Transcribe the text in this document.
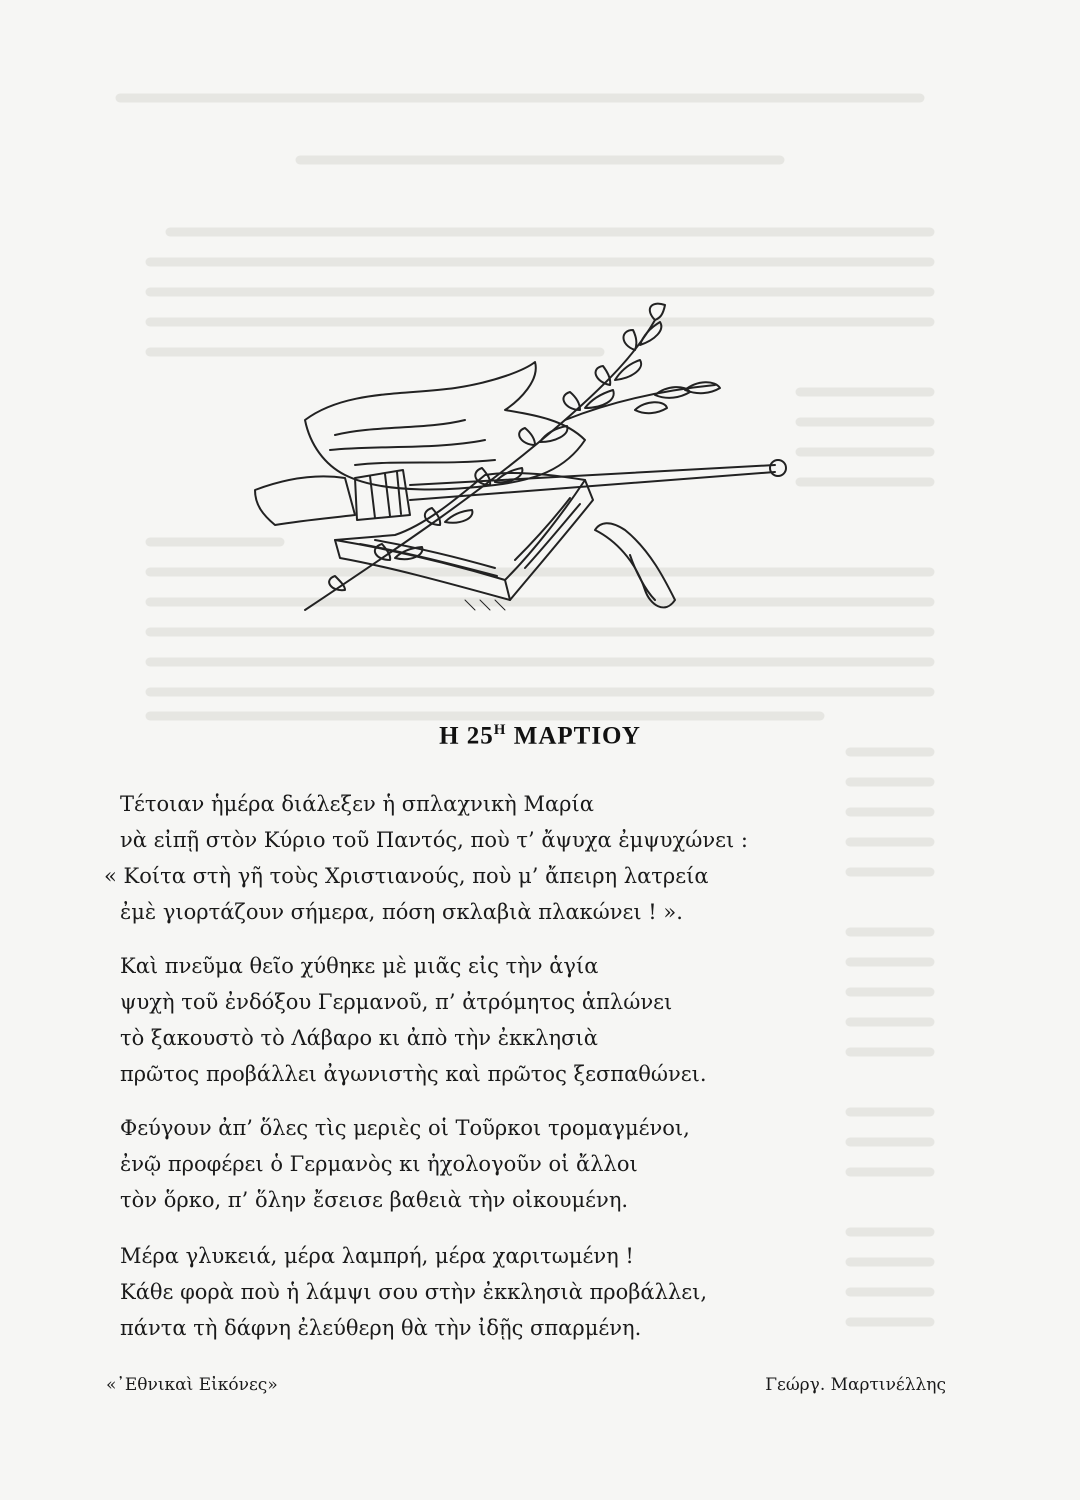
Η $25^H$ ΜΑΡΤΙΟΥ
Τέτοιαν ἡμέρα διάλεξεν ἡ σπλαχνικὴ Μαρία
νὰ εἰπῇ στὸν Κύριο τοῦ Παντός, ποὺ τ’ ἄψυχα ἐμψυχώνει :
« Κοίτα στὴ γῆ τοὺς Χριστιανούς, ποὺ μ’ ἄπειρη λατρεία
ἐμὲ γιορτάζουν σήμερα, πόση σκλαβιὰ πλακώνει ! ».
Καὶ πνεῦμα θεῖο χύθηκε μὲ μιᾶς εἰς τὴν ἁγία
ψυχὴ τοῦ ἐνδόξου Γερμανοῦ, π’ ἀτρόμητος ἁπλώνει
τὸ ξακουστὸ τὸ Λάβαρο κι ἀπὸ τὴν ἐκκλησιὰ
πρῶτος προβάλλει ἀγωνιστὴς καὶ πρῶτος ξεσπαθώνει.
Φεύγουν ἀπ’ ὅλες τὶς μεριὲς οἱ Τοῦρκοι τρομαγμένοι,
ἐνῷ προφέρει ὁ Γερμανὸς κι ἠχολογοῦν οἱ ἄλλοι
τὸν ὅρκο, π’ ὅλην ἔσεισε βαθειὰ τὴν οἰκουμένη.
Μέρα γλυκειά, μέρα λαμπρή, μέρα χαριτωμένη !
Κάθε φορὰ ποὺ ἡ λάμψι σου στὴν ἐκκλησιὰ προβάλλει,
πάντα τὴ δάφνη ἐλεύθερη θὰ τὴν ἰδῇς σπαρμένη.
«᾿Εθνικαὶ Εἰκόνες»	Γεώργ. Μαρτινέλλης
